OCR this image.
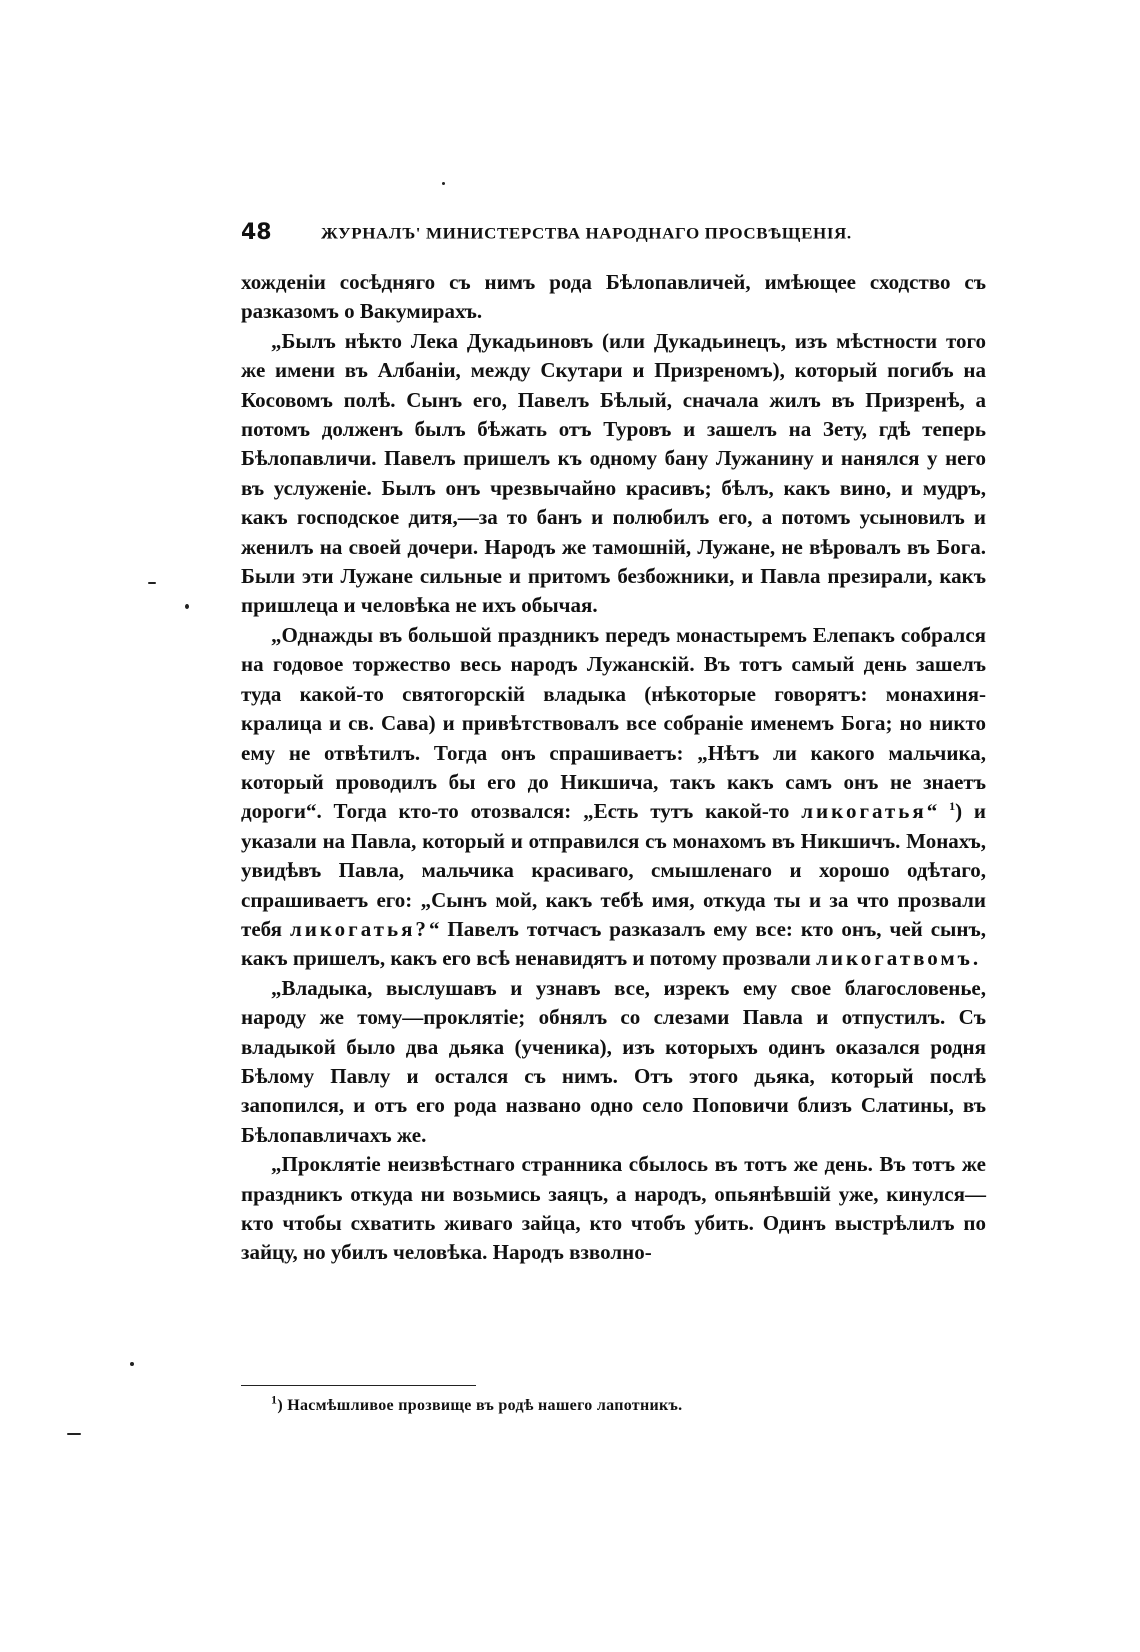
48	ЖУРНАЛЪ' МИНИСТЕРСТВА НАРОДНАГО ПРОСВѢЩЕНІЯ.

хожденіи сосѣдняго съ нимъ рода Бѣлопавличей, имѣющее сходство съ разказомъ о Вакумирахъ.

„Былъ нѣкто Лека Дукадьиновъ (или Дукадьинецъ, изъ мѣстности того же имени въ Албаніи, между Скутари и Призреномъ), который погибъ на Косовомъ полѣ. Сынъ его, Павелъ Бѣлый, сначала жилъ въ Призренѣ, а потомъ долженъ былъ бѣжать отъ Туровъ и зашелъ на Зету, гдѣ теперь Бѣлопавличи. Павелъ пришелъ къ одному бану Лужанину и нанялся у него въ услуженіе. Былъ онъ чрезвычайно красивъ; бѣлъ, какъ вино, и мудръ, какъ господское дитя,—за то банъ и полюбилъ его, а потомъ усыновилъ и женилъ на своей дочери. Народъ же тамошній, Лужане, не вѣровалъ въ Бога. Были эти Лужане сильные и притомъ безбожники, и Павла презирали, какъ пришлеца и человѣка не ихъ обычая.

„Однажды въ большой праздникъ передъ монастыремъ Елепакъ собрался на годовое торжество весь народъ Лужанскій. Въ тотъ самый день зашелъ туда какой-то святогорскій владыка (нѣкоторые говорятъ: монахиня-кралица и св. Сава) и привѣтствовалъ все собраніе именемъ Бога; но никто ему не отвѣтилъ. Тогда онъ спрашиваетъ: „Нѣтъ ли какого мальчика, который проводилъ бы его до Никшича, такъ какъ самъ онъ не знаетъ дороги“. Тогда кто-то отозвался: „Есть тутъ какой-то ликогатья“ $^1$) и указали на Павла, который и отправился съ монахомъ въ Никшичъ. Монахъ, увидѣвъ Павла, мальчика красиваго, смышленаго и хорошо одѣтаго, спрашиваетъ его: „Сынъ мой, какъ тебѣ имя, откуда ты и за что прозвали тебя ликогатья?“ Павелъ тотчасъ разказалъ ему все: кто онъ, чей сынъ, какъ пришелъ, какъ его всѣ ненавидятъ и потому прозвали ликогатвомъ.

„Владыка, выслушавъ и узнавъ все, изрекъ ему свое благословенье, народу же тому—проклятіе; обнялъ со слезами Павла и отпустилъ. Съ владыкой было два дьяка (ученика), изъ которыхъ одинъ оказался родня Бѣлому Павлу и остался съ нимъ. Отъ этого дьяка, который послѣ запопился, и отъ его рода названо одно село Поповичи близъ Слатины, въ Бѣлопавличахъ же.

„Проклятіе неизвѣстнаго странника сбылось въ тотъ же день. Въ тотъ же праздникъ откуда ни возьмись заяцъ, а народъ, опьянѣвшій уже, кинулся—кто чтобы схватить живаго зайца, кто чтобъ убить. Одинъ выстрѣлилъ по зайцу, но убилъ человѣка. Народъ взволно-

$^1$) Насмѣшливое прозвище въ родѣ нашего лапотникъ.
